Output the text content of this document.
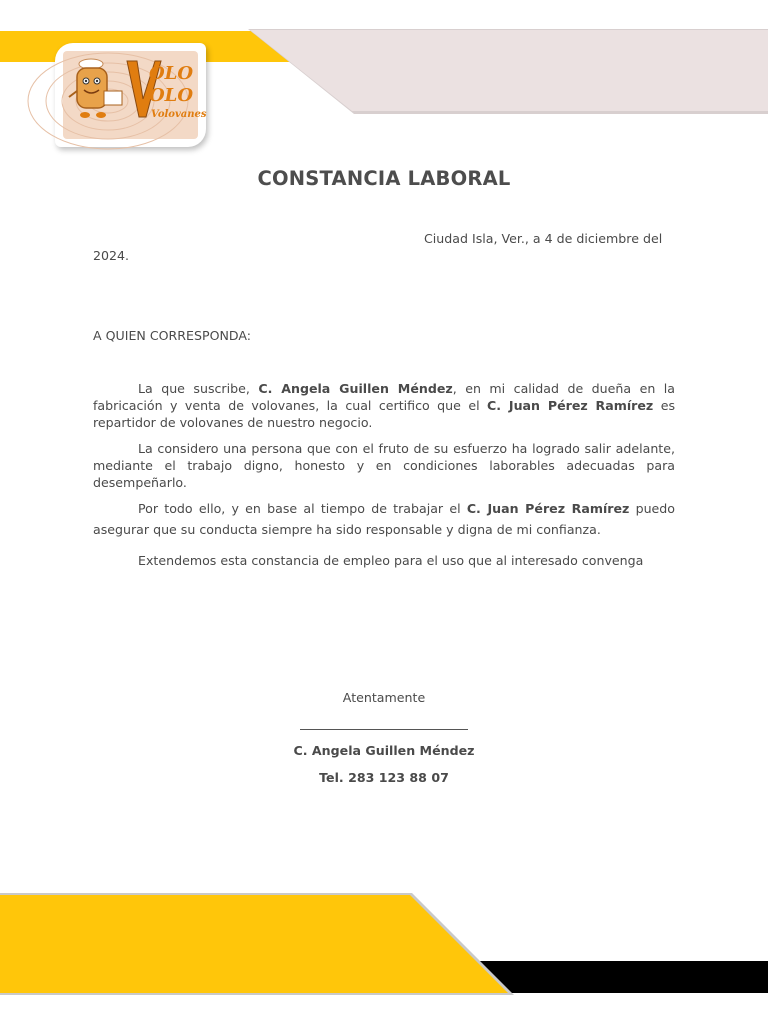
OLO
OLO
Volovanes
CONSTANCIA LABORAL
Ciudad Isla, Ver., a 4 de diciembre del 2024.
A QUIEN CORRESPONDA:
La que suscribe, C. Angela Guillen Méndez, en mi calidad de dueña en la fabricación y venta de volovanes, la cual certifico que el C. Juan Pérez Ramírez es repartidor de volovanes de nuestro negocio.
La considero una persona que con el fruto de su esfuerzo ha logrado salir adelante, mediante el trabajo digno, honesto y en condiciones laborables adecuadas para desempeñarlo.
Por todo ello, y en base al tiempo de trabajar el C. Juan Pérez Ramírez puedo asegurar que su conducta siempre ha sido responsable y digna de mi confianza.
Extendemos esta constancia de empleo para el uso que al interesado convenga
Atentamente
C. Angela Guillen Méndez
Tel. 283 123 88 07
